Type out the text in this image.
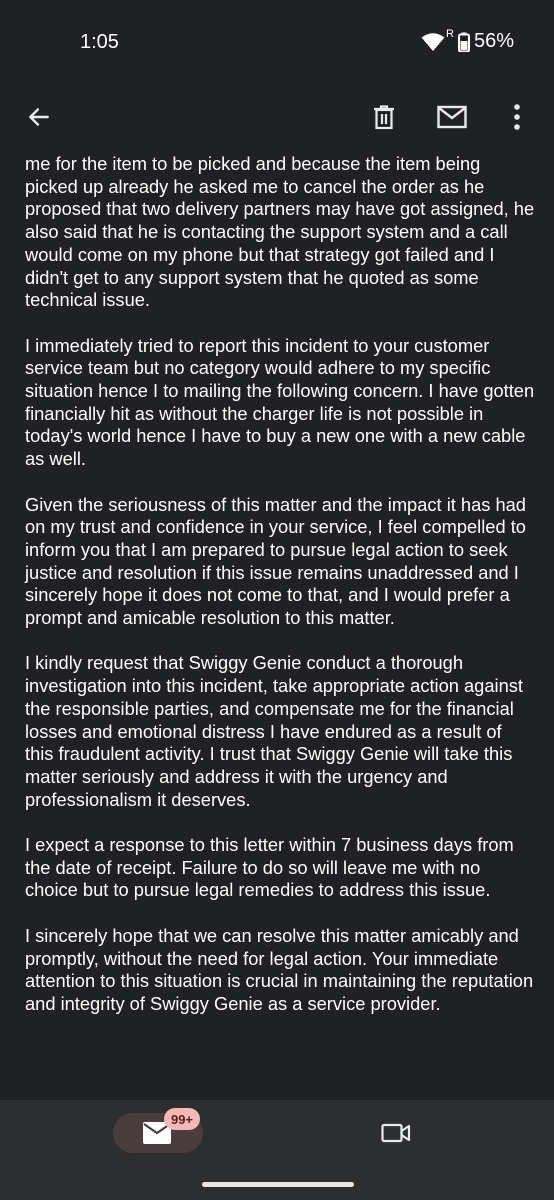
1:05	R 56%

me for the item to be picked and because the item being picked up already he asked me to cancel the order as he proposed that two delivery partners may have got assigned, he also said that he is contacting the support system and a call would come on my phone but that strategy got failed and I didn't get to any support system that he quoted as some technical issue.

I immediately tried to report this incident to your customer service team but no category would adhere to my specific situation hence I to mailing the following concern. I have gotten financially hit as without the charger life is not possible in today's world hence I have to buy a new one with a new cable as well.

Given the seriousness of this matter and the impact it has had on my trust and confidence in your service, I feel compelled to inform you that I am prepared to pursue legal action to seek justice and resolution if this issue remains unaddressed and I sincerely hope it does not come to that, and I would prefer a prompt and amicable resolution to this matter.

I kindly request that Swiggy Genie conduct a thorough investigation into this incident, take appropriate action against the responsible parties, and compensate me for the financial losses and emotional distress I have endured as a result of this fraudulent activity. I trust that Swiggy Genie will take this matter seriously and address it with the urgency and professionalism it deserves.

I expect a response to this letter within 7 business days from the date of receipt. Failure to do so will leave me with no choice but to pursue legal remedies to address this issue.

I sincerely hope that we can resolve this matter amicably and promptly, without the need for legal action. Your immediate attention to this situation is crucial in maintaining the reputation and integrity of Swiggy Genie as a service provider.

99+
